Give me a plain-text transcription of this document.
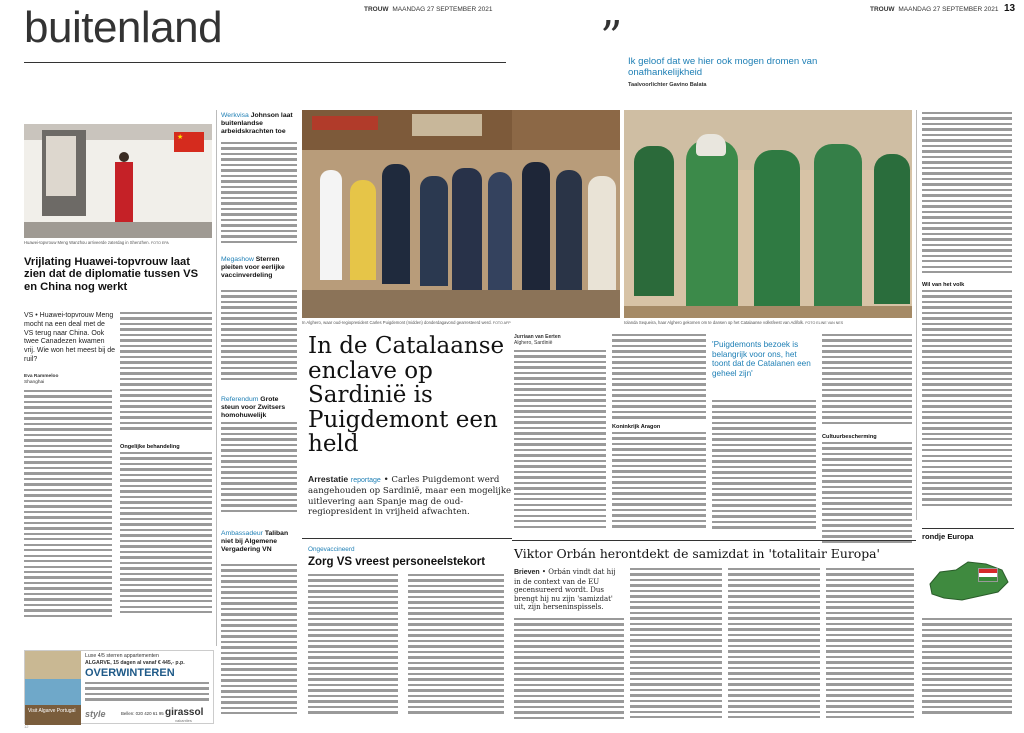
buitenland	TROUW MAANDAG 27 SEPTEMBER 2021
★
Huawei-topvrouw Meng Wanzhou arriveerde zaterdag in Shenzhen. FOTO EPA
Vrijlating Huawei-topvrouw laat zien dat de diplomatie tussen VS en China nog werkt
VS • Huawei-topvrouw Meng mocht na een deal met de VS terug naar China. Ook twee Canadezen kwamen vrij. Wie won het meest bij de ruil?
Eva Rammeloo
Shanghai
Ongelijke behandeling
Werkvisa Johnson laat buitenlandse arbeidskrachten toe
Megashow Sterren pleiten voor eerlijke vaccinverdeling
Referendum Grote steun voor Zwitsers homohuwelijk
Ambassadeur Taliban niet bij Algemene Vergadering VN
Visit Algarve Portugal
Luxe 4/5 sterren appartementen
ALGARVE, 15 dagen al vanaf € 445,- p.p.
OVERWINTEREN
style	Bellen: 020 420 61 95 girassol
vakanties
In Alghero, waar oud-regiopresident Carles Puigdemont (midden) donderdagavond gearresteerd werd. FOTO AFP
In de Catalaanse enclave op Sardinië is Puigdemont een held
Arrestatie reportage • Carles Puigdemont werd aangehouden op Sardinië, maar een mogelijke uitlevering aan Spanje mag de oud-regiopresident in vrijheid afwachten.
Ongevaccineerd
Zorg VS vreest personeelstekort
12
TROUW MAANDAG 27 SEPTEMBER 2021 13
” Ik geloof dat we hier ook mogen dromen van onafhankelijkheid
Taalvoorlichter Gavino Balata
Iolanda Sequeira, haar Alghero gekomen om te dansen op het Catalaanse volksfeest van Adifolk. FOTO ELINE VAN NES
Jurriaan van Eerten
Alghero, Sardinië
Koninkrijk Aragon
'Puigdemonts bezoek is belangrijk voor ons, het toont dat de Catalanen een geheel zijn'
Cultuurbescherming
Wil van het volk
Viktor Orbán herontdekt de samizdat in 'totalitair Europa'
Brieven • Orbán vindt dat hij in de context van de EU gecensureerd wordt. Dus brengt hij nu zijn 'samizdat' uit, zijn herseninspissels.
rondje Europa
